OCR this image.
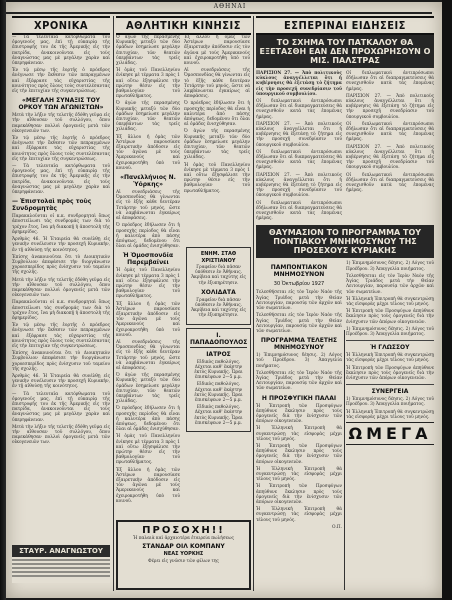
ΑΘΗΝΑΙ
ΧΡΟΝΙΚΑ

— Τὰ τελευταῖα κατόρθωματα τοῦ ὁμογενοῦς μας, ἐπὶ τῇ εὐκαιρίᾳ τῆς ἐπιστροφῆς του ἐκ τῆς Ἀμερικῆς εἰς τὴν πατρίδα, ἀνακοινοῦνται εἰς τοὺς ἀναγνώστας μας μὲ μεγάλην χαρὰν καὶ ὑπερηφάνειαν.

Ἐν τῷ μέσῳ τῆς ἑορτῆς ὁ πρόεδρος ἀνέγνωσε τὴν ἔκθεσιν τῶν πεπραγμένων καὶ ἐξέφρασε τὰς εὐχαριστίας τῆς κοινότητος πρὸς ὅλους τοὺς συντελέσαντας εἰς τὴν ἐπιτυχίαν τῆς συγκεντρώσεως.

«ΜΕΓΑΛΗ ΣΥΝΑΞΙΣ ΤΟΥ ΟΡΚΟΥ ΤΩΝ ΑΓΩΝΙΣΤΩΝ»

Μετὰ τὴν λῆξιν τῆς τελετῆς ἐδόθη γεῦμα εἰς τὴν αἴθουσαν τοῦ συλλόγου, ὅπου παρεκάθησαν πολλοὶ ὁμογενεῖς μετὰ τῶν οἰκογενειῶν των.

Ἐν τῷ μέσῳ τῆς ἑορτῆς ὁ πρόεδρος ἀνέγνωσε τὴν ἔκθεσιν τῶν πεπραγμένων καὶ ἐξέφρασε τὰς εὐχαριστίας τῆς κοινότητος πρὸς ὅλους τοὺς συντελέσαντας εἰς τὴν ἐπιτυχίαν τῆς συγκεντρώσεως.

— Τὰ τελευταῖα κατόρθωματα τοῦ ὁμογενοῦς μας, ἐπὶ τῇ εὐκαιρίᾳ τῆς ἐπιστροφῆς του ἐκ τῆς Ἀμερικῆς εἰς τὴν πατρίδα, ἀνακοινοῦνται εἰς τοὺς ἀναγνώστας μας μὲ μεγάλην χαρὰν καὶ ὑπερηφάνειαν.

— Ἐπιστολαὶ πρὸς τοὺς Συνδρομητὰς

Παρακαλοῦνται οἱ κ.κ. συνδρομηταὶ ὅπως ἀποστείλωσι τὰς συνδρομάς των διὰ τὸ τρέχον ἔτος, ἵνα μὴ διακοπῇ ἡ ἀποστολὴ τῆς ἐφημερίδος.

Ἀριθμὸς 46. Ἡ Ἑταιρεία θὰ συνέλθῃ εἰς γενικὴν συνέλευσιν τὴν προσεχῆ Κυριακὴν, ἐν τῇ αἰθούσῃ τῆς κοινότητος.

Ἐπίσης ἀνακοινοῦται ὅτι τὸ Διοικητικὸν Συμβούλιον ἀπεφάσισε τὴν διοργάνωσιν χοροεσπερίδος πρὸς ἐνίσχυσιν τοῦ ταμείου τῆς σχολῆς.

Μετὰ τὴν λῆξιν τῆς τελετῆς ἐδόθη γεῦμα εἰς τὴν αἴθουσαν τοῦ συλλόγου, ὅπου παρεκάθησαν πολλοὶ ὁμογενεῖς μετὰ τῶν οἰκογενειῶν των.

Παρακαλοῦνται οἱ κ.κ. συνδρομηταὶ ὅπως ἀποστείλωσι τὰς συνδρομάς των διὰ τὸ τρέχον ἔτος, ἵνα μὴ διακοπῇ ἡ ἀποστολὴ τῆς ἐφημερίδος.

Ἐν τῷ μέσῳ τῆς ἑορτῆς ὁ πρόεδρος ἀνέγνωσε τὴν ἔκθεσιν τῶν πεπραγμένων καὶ ἐξέφρασε τὰς εὐχαριστίας τῆς κοινότητος πρὸς ὅλους τοὺς συντελέσαντας εἰς τὴν ἐπιτυχίαν τῆς συγκεντρώσεως.

Ἐπίσης ἀνακοινοῦται ὅτι τὸ Διοικητικὸν Συμβούλιον ἀπεφάσισε τὴν διοργάνωσιν χοροεσπερίδος πρὸς ἐνίσχυσιν τοῦ ταμείου τῆς σχολῆς.

Ἀριθμὸς 46. Ἡ Ἑταιρεία θὰ συνέλθῃ εἰς γενικὴν συνέλευσιν τὴν προσεχῆ Κυριακὴν, ἐν τῇ αἰθούσῃ τῆς κοινότητος.

— Τὰ τελευταῖα κατόρθωματα τοῦ ὁμογενοῦς μας, ἐπὶ τῇ εὐκαιρίᾳ τῆς ἐπιστροφῆς του ἐκ τῆς Ἀμερικῆς εἰς τὴν πατρίδα, ἀνακοινοῦνται εἰς τοὺς ἀναγνώστας μας μὲ μεγάλην χαρὰν καὶ ὑπερηφάνειαν.

Μετὰ τὴν λῆξιν τῆς τελετῆς ἐδόθη γεῦμα εἰς τὴν αἴθουσαν τοῦ συλλόγου, ὅπου παρεκάθησαν πολλοὶ ὁμογενεῖς μετὰ τῶν οἰκογενειῶν των.

ΣΤΑΥΡ. ΑΝΑΓΝΩΣΤΟΥ
ΑΘΛΗΤΙΚΗ ΚΙΝΗΣΙΣ

Ὁ ἀγὼν τῆς περασμένης Κυριακῆς μεταξὺ τῶν δύο ὁμάδων ἐσημείωσε μεγάλην ἐπιτυχίαν, τῶν θεατῶν ὑπερβάντων τὰς τρεῖς χιλιάδας.

Ἡ ὁμὰς τοῦ Πανελληνίου ἐνίκησε μὲ τέρματα 3 πρὸς 1 καὶ οὕτω ἐξησφάλισε τὴν πρώτην θέσιν εἰς τὴν βαθμολογίαν τοῦ πρωταθλήματος.

Ὁ ἀγὼν τῆς περασμένης Κυριακῆς μεταξὺ τῶν δύο ὁμάδων ἐσημείωσε μεγάλην ἐπιτυχίαν, τῶν θεατῶν ὑπερβάντων τὰς τρεῖς χιλιάδας.

Ἐξ ἄλλου ἡ ὁμὰς τῶν Ἀστέρων παρουσίασε ἐξαιρετικὴν ἀπόδοσιν εἰς τὸν ἀγῶνα μὲ τοὺς Ἀμερικανοὺς καὶ ἐχειροκροτήθη ὑπὸ τοῦ κοινοῦ.

«Πανελλήνιος Ν. Ὑόρκης»

Αἱ συνεδριάσεις τῆς Ὁμοσπονδίας θὰ γίνωνται εἰς τὸ ἑξῆς κάθε δευτέραν Τετάρτην τοῦ μηνός, ὥστε νὰ λαμβάνωνται ἐγκαίρως αἱ ἀποφάσεις.

Ὁ πρόεδρος ἐδήλωσεν ὅτι ἡ προσεχὴς περίοδος θὰ εἶναι ἡ καλυτέρα ἀπὸ πάσης ἀπόψεως, δεδομένου ὅτι ὅλαι αἱ ὁμάδες ἐνισχύθησαν.

Ἡ Ὁμοσπονδία Παρεμβαίνει

Ἡ ὁμὰς τοῦ Πανελληνίου ἐνίκησε μὲ τέρματα 3 πρὸς 1 καὶ οὕτω ἐξησφάλισε τὴν πρώτην θέσιν εἰς τὴν βαθμολογίαν τοῦ πρωταθλήματος.

Ἐξ ἄλλου ἡ ὁμὰς τῶν Ἀστέρων παρουσίασε ἐξαιρετικὴν ἀπόδοσιν εἰς τὸν ἀγῶνα μὲ τοὺς Ἀμερικανοὺς καὶ ἐχειροκροτήθη ὑπὸ τοῦ κοινοῦ.

Αἱ συνεδριάσεις τῆς Ὁμοσπονδίας θὰ γίνωνται εἰς τὸ ἑξῆς κάθε δευτέραν Τετάρτην τοῦ μηνός, ὥστε νὰ λαμβάνωνται ἐγκαίρως αἱ ἀποφάσεις.

Ὁ ἀγὼν τῆς περασμένης Κυριακῆς μεταξὺ τῶν δύο ὁμάδων ἐσημείωσε μεγάλην ἐπιτυχίαν, τῶν θεατῶν ὑπερβάντων τὰς τρεῖς χιλιάδας.

Ὁ πρόεδρος ἐδήλωσεν ὅτι ἡ προσεχὴς περίοδος θὰ εἶναι ἡ καλυτέρα ἀπὸ πάσης ἀπόψεως, δεδομένου ὅτι ὅλαι αἱ ὁμάδες ἐνισχύθησαν.

Ἡ ὁμὰς τοῦ Πανελληνίου ἐνίκησε μὲ τέρματα 3 πρὸς 1 καὶ οὕτω ἐξησφάλισε τὴν πρώτην θέσιν εἰς τὴν βαθμολογίαν τοῦ πρωταθλήματος.

Ἐξ ἄλλου ἡ ὁμὰς τῶν Ἀστέρων παρουσίασε ἐξαιρετικὴν ἀπόδοσιν εἰς τὸν ἀγῶνα μὲ τοὺς Ἀμερικανοὺς καὶ ἐχειροκροτήθη ὑπὸ τοῦ κοινοῦ.

Ἐξ ἄλλου ἡ ὁμὰς τῶν Ἀστέρων παρουσίασε ἐξαιρετικὴν ἀπόδοσιν εἰς τὸν ἀγῶνα μὲ τοὺς Ἀμερικανοὺς καὶ ἐχειροκροτήθη ὑπὸ τοῦ κοινοῦ.

Αἱ συνεδριάσεις τῆς Ὁμοσπονδίας θὰ γίνωνται εἰς τὸ ἑξῆς κάθε δευτέραν Τετάρτην τοῦ μηνός, ὥστε νὰ λαμβάνωνται ἐγκαίρως αἱ ἀποφάσεις.

Ὁ πρόεδρος ἐδήλωσεν ὅτι ἡ προσεχὴς περίοδος θὰ εἶναι ἡ καλυτέρα ἀπὸ πάσης ἀπόψεως, δεδομένου ὅτι ὅλαι αἱ ὁμάδες ἐνισχύθησαν.

Ὁ ἀγὼν τῆς περασμένης Κυριακῆς μεταξὺ τῶν δύο ὁμάδων ἐσημείωσε μεγάλην ἐπιτυχίαν, τῶν θεατῶν ὑπερβάντων τὰς τρεῖς χιλιάδας.

Ἡ ὁμὰς τοῦ Πανελληνίου ἐνίκησε μὲ τέρματα 3 πρὸς 1 καὶ οὕτω ἐξησφάλισε τὴν πρώτην θέσιν εἰς τὴν βαθμολογίαν τοῦ πρωταθλήματος.

ΕΝΗΜ. ΣΤΑΘ ΧΡΙΣΤΙΑΝΟΥ

Γραφεῖον διὰ πᾶσαν ὑπόθεσιν ἐν Ἀθήναις. Ἀκρίβεια καὶ ταχύτης εἰς τὴν ἐξυπηρέτησιν.

ΧΟΛΙΔΑΤΑ

Γραφεῖον διὰ πᾶσαν ὑπόθεσιν ἐν Ἀθήναις. Ἀκρίβεια καὶ ταχύτης εἰς τὴν ἐξυπηρέτησιν.

Ι. ΠΑΠΑΔΟΠΟΥΛΟΣ
ΙΑΤΡΟΣ

Εἰδικὸς παθολόγος. Δέχεται καθ' ἑκάστην ἐκτὸς Κυριακῆς. Ὧραι ἐπισκέψεων 2—5 μ.μ.

Εἰδικὸς παθολόγος. Δέχεται καθ' ἑκάστην ἐκτὸς Κυριακῆς. Ὧραι ἐπισκέψεων 2—5 μ.μ.

Εἰδικὸς παθολόγος. Δέχεται καθ' ἑκάστην ἐκτὸς Κυριακῆς. Ὧραι ἐπισκέψεων 2—5 μ.μ.

ΕΣΠΕΡΙΝΑΙ ΕΙΔΗΣΕΙΣ
ΤΟ ΣΧΗΜΑ ΤΟΥ ΠΑΤΚΑΛΟΥ ΘΑ ΕΞΕΤΑΣΘΗ ΕΑΝ ΔΕΝ ΠΡΟΧΩΡΗΣΟΥΝ Ο ΜΙΣ. ΠΑΛΣΤΡΑΣ

ΠΑΡΙΣΙΟΝ 27. — Ἀπὸ πολιτικοὺς κύκλους ἀναγγέλλεται ὅτι ἡ κυβέρνησις θὰ ἐξετάσῃ τὸ ζήτημα εἰς τὴν προσεχῆ συνεδρίασιν τοῦ ὑπουργικοῦ συμβουλίου.

Οἱ διπλωματικοὶ ἀντιπρόσωποι ἐδήλωσαν ὅτι αἱ διαπραγματεύσεις θὰ συνεχισθοῦν κατὰ τὰς ἐπομένας ἡμέρας.

ΠΑΡΙΣΙΟΝ 27. — Ἀπὸ πολιτικοὺς κύκλους ἀναγγέλλεται ὅτι ἡ κυβέρνησις θὰ ἐξετάσῃ τὸ ζήτημα εἰς τὴν προσεχῆ συνεδρίασιν τοῦ ὑπουργικοῦ συμβουλίου.

Οἱ διπλωματικοὶ ἀντιπρόσωποι ἐδήλωσαν ὅτι αἱ διαπραγματεύσεις θὰ συνεχισθοῦν κατὰ τὰς ἐπομένας ἡμέρας.

ΠΑΡΙΣΙΟΝ 27. — Ἀπὸ πολιτικοὺς κύκλους ἀναγγέλλεται ὅτι ἡ κυβέρνησις θὰ ἐξετάσῃ τὸ ζήτημα εἰς τὴν προσεχῆ συνεδρίασιν τοῦ ὑπουργικοῦ συμβουλίου.

Οἱ διπλωματικοὶ ἀντιπρόσωποι ἐδήλωσαν ὅτι αἱ διαπραγματεύσεις θὰ συνεχισθοῦν κατὰ τὰς ἐπομένας ἡμέρας.

Οἱ διπλωματικοὶ ἀντιπρόσωποι ἐδήλωσαν ὅτι αἱ διαπραγματεύσεις θὰ συνεχισθοῦν κατὰ τὰς ἐπομένας ἡμέρας.

ΠΑΡΙΣΙΟΝ 27. — Ἀπὸ πολιτικοὺς κύκλους ἀναγγέλλεται ὅτι ἡ κυβέρνησις θὰ ἐξετάσῃ τὸ ζήτημα εἰς τὴν προσεχῆ συνεδρίασιν τοῦ ὑπουργικοῦ συμβουλίου.

Οἱ διπλωματικοὶ ἀντιπρόσωποι ἐδήλωσαν ὅτι αἱ διαπραγματεύσεις θὰ συνεχισθοῦν κατὰ τὰς ἐπομένας ἡμέρας.

ΠΑΡΙΣΙΟΝ 27. — Ἀπὸ πολιτικοὺς κύκλους ἀναγγέλλεται ὅτι ἡ κυβέρνησις θὰ ἐξετάσῃ τὸ ζήτημα εἰς τὴν προσεχῆ συνεδρίασιν τοῦ ὑπουργικοῦ συμβουλίου.

Οἱ διπλωματικοὶ ἀντιπρόσωποι ἐδήλωσαν ὅτι αἱ διαπραγματεύσεις θὰ συνεχισθοῦν κατὰ τὰς ἐπομένας ἡμέρας.

ΘΑΥΜΑΣΙΟΝ ΤΟ ΠΡΟΓΡΑΜΜΑ ΤΟΥ ΠΟΝΤΙΑΚΟΥ ΜΝΗΜΟΣΥΝΟΥ ΤΗΣ ΠΡΟΣΕΧΟΥΣ ΚΥΡΙΑΚΗΣ
ΠΑΜΠΟΝΤΙΑΚΟΝ ΜΝΗΜΟΣΥΝΟΝ
30 Ὀκτωβρίου 1927

Τελεσθήσεται εἰς τὸν Ἱερὸν Ναὸν τῆς Ἁγίας Τριάδος μετὰ τὴν Θείαν Λειτουργίαν, παρουσίᾳ τῶν ἀρχῶν καὶ τῶν σωματείων.

Τελεσθήσεται εἰς τὸν Ἱερὸν Ναὸν τῆς Ἁγίας Τριάδος μετὰ τὴν Θείαν Λειτουργίαν, παρουσίᾳ τῶν ἀρχῶν καὶ τῶν σωματείων.

ΠΡΟΓΡΑΜΜΑ ΤΕΛΕΤΗΣ ΜΝΗΜΟΣΥΝΟΥ

1) Ἐπιμνημόσυνος δέησις. 2) Λόγος τοῦ Προέδρου. 3) Ἀπαγγελία ποιήματος.

Τελεσθήσεται εἰς τὸν Ἱερὸν Ναὸν τῆς Ἁγίας Τριάδος μετὰ τὴν Θείαν Λειτουργίαν, παρουσίᾳ τῶν ἀρχῶν καὶ τῶν σωματείων.

Η ΠΡΟΣΦΥΓΙΚΗ ΠΑΛΑΙ

Ἡ Ἐπιτροπὴ τῶν Προσφύγων ἀπηύθυνε ἔκκλησιν πρὸς τοὺς ὁμογενεῖς διὰ τὴν ἐνίσχυσιν τῶν ἀπόρων οἰκογενειῶν.

Ἡ Ἑλληνικὴ Ἐπιτροπὴ θὰ συγκεντρώσῃ τὰς εἰσφορὰς μέχρι τέλους τοῦ μηνός.

Ἡ Ἐπιτροπὴ τῶν Προσφύγων ἀπηύθυνε ἔκκλησιν πρὸς τοὺς ὁμογενεῖς διὰ τὴν ἐνίσχυσιν τῶν ἀπόρων οἰκογενειῶν.

Ἡ Ἑλληνικὴ Ἐπιτροπὴ θὰ συγκεντρώσῃ τὰς εἰσφορὰς μέχρι τέλους τοῦ μηνός.

Ἡ Ἐπιτροπὴ τῶν Προσφύγων ἀπηύθυνε ἔκκλησιν πρὸς τοὺς ὁμογενεῖς διὰ τὴν ἐνίσχυσιν τῶν ἀπόρων οἰκογενειῶν.

Ἡ Ἑλληνικὴ Ἐπιτροπὴ θὰ συγκεντρώσῃ τὰς εἰσφορὰς μέχρι τέλους τοῦ μηνός.

Ο.Π.

1) Ἐπιμνημόσυνος δέησις. 2) Λόγος τοῦ Προέδρου. 3) Ἀπαγγελία ποιήματος.

Τελεσθήσεται εἰς τὸν Ἱερὸν Ναὸν τῆς Ἁγίας Τριάδος μετὰ τὴν Θείαν Λειτουργίαν, παρουσίᾳ τῶν ἀρχῶν καὶ τῶν σωματείων.

Ἡ Ἑλληνικὴ Ἐπιτροπὴ θὰ συγκεντρώσῃ τὰς εἰσφορὰς μέχρι τέλους τοῦ μηνός.

Ἡ Ἐπιτροπὴ τῶν Προσφύγων ἀπηύθυνε ἔκκλησιν πρὸς τοὺς ὁμογενεῖς διὰ τὴν ἐνίσχυσιν τῶν ἀπόρων οἰκογενειῶν.

1) Ἐπιμνημόσυνος δέησις. 2) Λόγος τοῦ Προέδρου. 3) Ἀπαγγελία ποιήματος.

Ἡ ΓΛΩΣΣΟΥ

Ἡ Ἑλληνικὴ Ἐπιτροπὴ θὰ συγκεντρώσῃ τὰς εἰσφορὰς μέχρι τέλους τοῦ μηνός.

Ἡ Ἐπιτροπὴ τῶν Προσφύγων ἀπηύθυνε ἔκκλησιν πρὸς τοὺς ὁμογενεῖς διὰ τὴν ἐνίσχυσιν τῶν ἀπόρων οἰκογενειῶν.

ΣΥΝΕΡΓΕΙΑ

1) Ἐπιμνημόσυνος δέησις. 2) Λόγος τοῦ Προέδρου. 3) Ἀπαγγελία ποιήματος.

Ἡ Ἑλληνικὴ Ἐπιτροπὴ θὰ συγκεντρώσῃ τὰς εἰσφορὰς μέχρι τέλους τοῦ μηνός.

ΩΜΕΓΑ
ΠΡΟΣΟΧΗ!!

Ἡ παλαιὰ καὶ ἀρχαιοτέρα ἑταιρεία πωλήσεως

ΣΤΑΝΔΑΡ ΟΙΛ ΚΟΜΠΑΝΥ
ΝΕΑΣ ΥΟΡΚΗΣ

Φέρει εἰς γνῶσιν τῶν φίλων της
